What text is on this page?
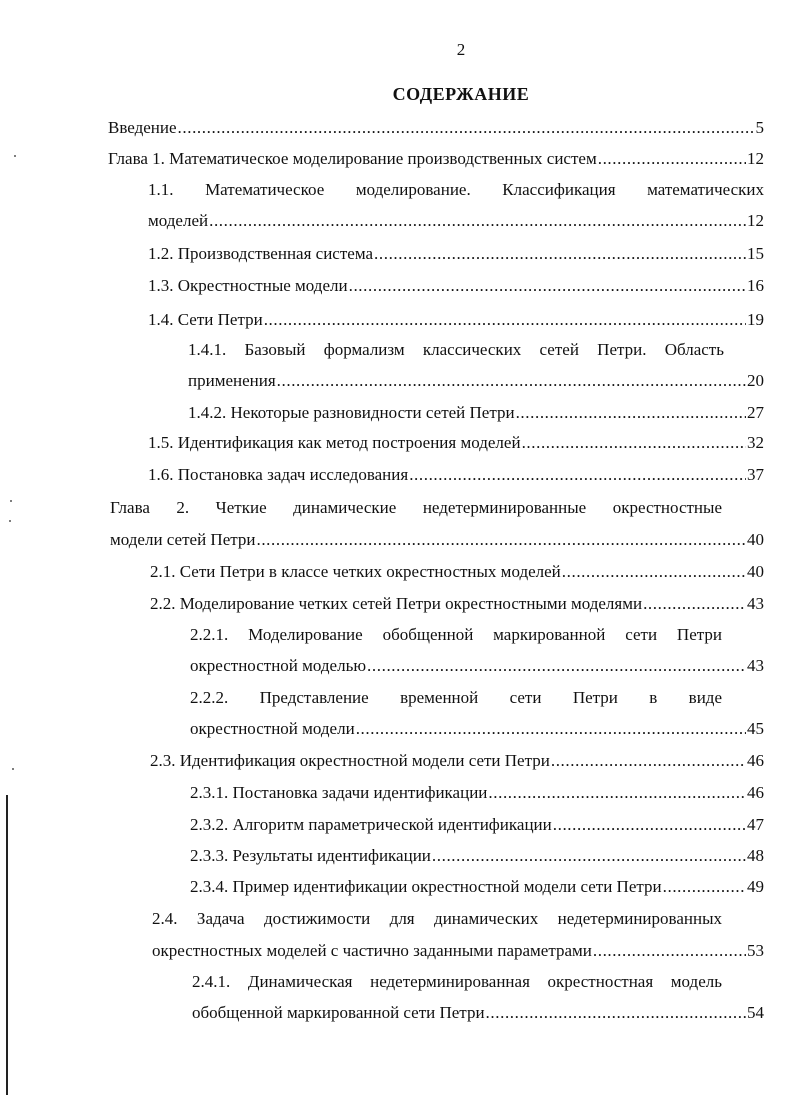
2
СОДЕРЖАНИЕ
Введение .....	5
Глава 1. Математическое моделирование производственных систем .....	12
1.1. Математическое моделирование. Классификация математических
моделей .....	12
1.2. Производственная система .....	15
1.3. Окрестностные модели .....	16
1.4. Сети Петри .....	19
1.4.1. Базовый формализм классических сетей Петри. Область
применения .....	20
1.4.2. Некоторые разновидности сетей Петри .....	27
1.5. Идентификация как метод построения моделей .....	32
1.6. Постановка задач исследования .....	37
Глава 2. Четкие динамические недетерминированные окрестностные
модели сетей Петри .....	40
2.1. Сети Петри в классе четких окрестностных моделей .....	40
2.2. Моделирование четких сетей Петри окрестностными моделями .....	43
2.2.1. Моделирование обобщенной маркированной сети Петри
окрестностной моделью .....	43
2.2.2. Представление временной сети Петри в виде
окрестностной модели .....	45
2.3. Идентификация окрестностной модели сети Петри .....	46
2.3.1. Постановка задачи идентификации .....	46
2.3.2. Алгоритм параметрической идентификации .....	47
2.3.3. Результаты идентификации .....	48
2.3.4. Пример идентификации окрестностной модели сети Петри .....	49
2.4. Задача достижимости для динамических недетерминированных
окрестностных моделей с частично заданными параметрами .....	53
2.4.1. Динамическая недетерминированная окрестностная модель
обобщенной маркированной сети Петри .....	54
